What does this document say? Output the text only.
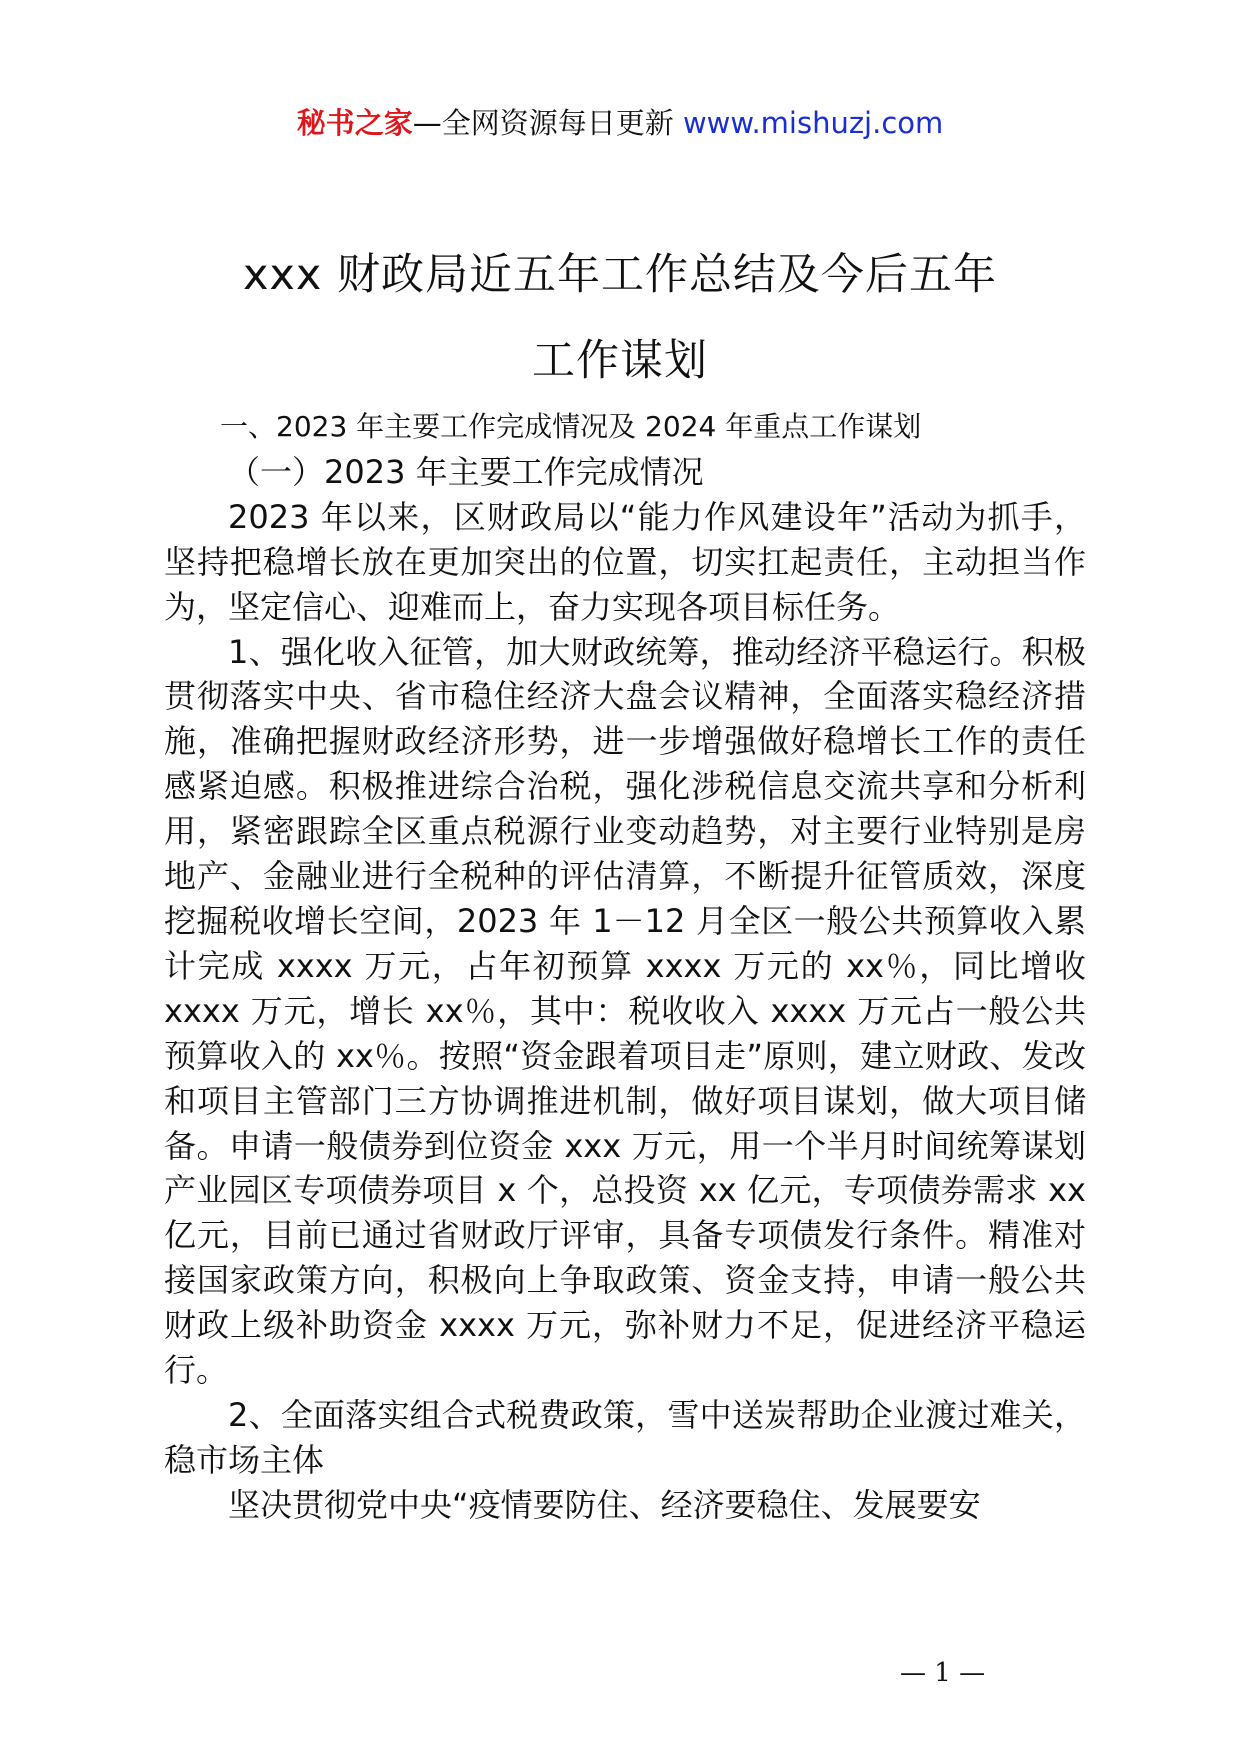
秘书之家—全网资源每日更新 www.mishuzj.com
xxx 财政局近五年工作总结及今后五年
工作谋划

一、2023 年主要工作完成情况及 2024 年重点工作谋划

（一）2023 年主要工作完成情况

2023 年以来，区财政局以“能力作风建设年”活动为抓手，坚持把稳增长放在更加突出的位置，切实扛起责任，主动担当作为，坚定信心、迎难而上，奋力实现各项目标任务。

1、强化收入征管，加大财政统筹，推动经济平稳运行。积极贯彻落实中央、省市稳住经济大盘会议精神，全面落实稳经济措施，准确把握财政经济形势，进一步增强做好稳增长工作的责任感紧迫感。积极推进综合治税，强化涉税信息交流共享和分析利用，紧密跟踪全区重点税源行业变动趋势，对主要行业特别是房地产、金融业进行全税种的评估清算，不断提升征管质效，深度挖掘税收增长空间，2023 年 1－12 月全区一般公共预算收入累计完成 xxxx 万元，占年初预算 xxxx 万元的 xx％，同比增收 xxxx 万元，增长 xx％，其中：税收收入 xxxx 万元占一般公共预算收入的 xx％。按照“资金跟着项目走”原则，建立财政、发改和项目主管部门三方协调推进机制，做好项目谋划，做大项目储备。申请一般债券到位资金 xxx 万元，用一个半月时间统筹谋划产业园区专项债券项目 x 个，总投资 xx 亿元，专项债券需求 xx 亿元，目前已通过省财政厅评审，具备专项债发行条件。精准对接国家政策方向，积极向上争取政策、资金支持，申请一般公共财政上级补助资金 xxxx 万元，弥补财力不足，促进经济平稳运行。

2、全面落实组合式税费政策，雪中送炭帮助企业渡过难关，稳市场主体

坚决贯彻党中央“疫情要防住、经济要稳住、发展要安

— 1 —
